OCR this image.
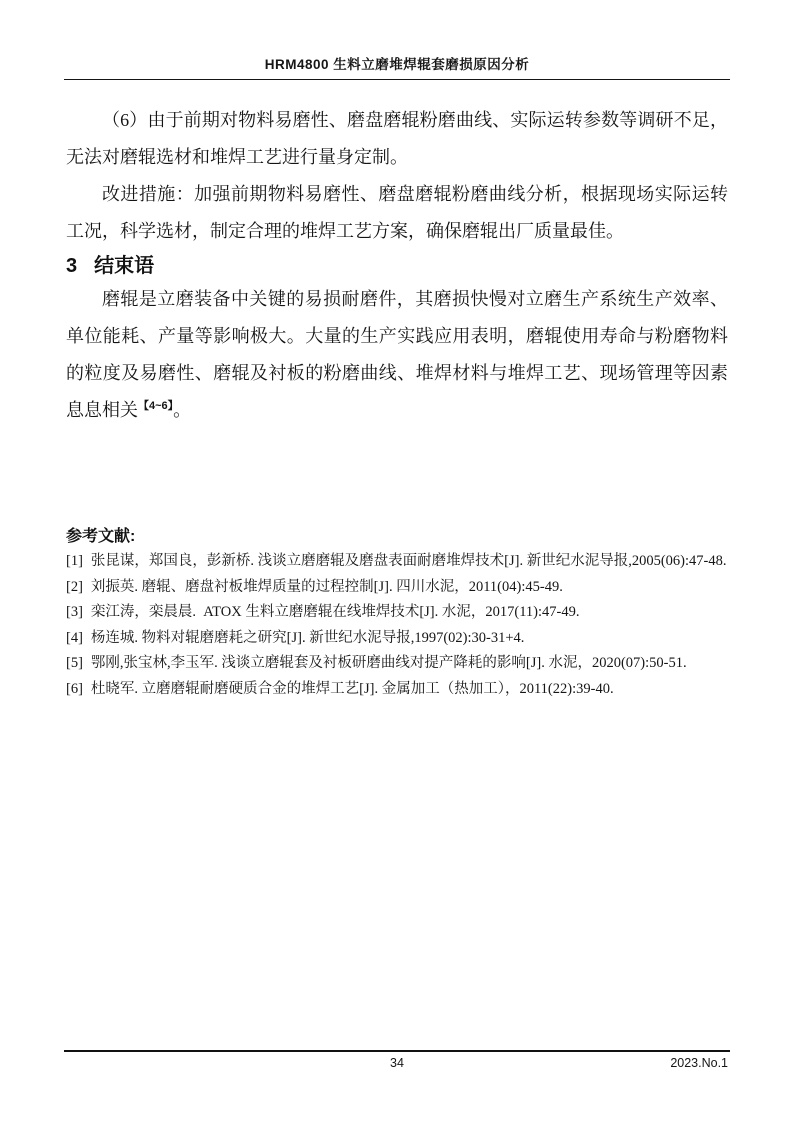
HRM4800 生料立磨堆焊辊套磨损原因分析

（6）由于前期对物料易磨性、磨盘磨辊粉磨曲线、实际运转参数等调研不足，无法对磨辊选材和堆焊工艺进行量身定制。

改进措施：加强前期物料易磨性、磨盘磨辊粉磨曲线分析，根据现场实际运转工况，科学选材，制定合理的堆焊工艺方案，确保磨辊出厂质量最佳。

3 结束语

磨辊是立磨装备中关键的易损耐磨件，其磨损快慢对立磨生产系统生产效率、单位能耗、产量等影响极大。大量的生产实践应用表明，磨辊使用寿命与粉磨物料的粒度及易磨性、磨辊及衬板的粉磨曲线、堆焊材料与堆焊工艺、现场管理等因素息息相关$^{【4\sim 6】}$。

参考文献:
[1] 张昆谋，郑国良，彭新桥. 浅谈立磨磨辊及磨盘表面耐磨堆焊技术[J]. 新世纪水泥导报,2005(06):47-48.
[2] 刘振英. 磨辊、磨盘衬板堆焊质量的过程控制[J]. 四川水泥，2011(04):45-49.
[3] 栾江涛，栾晨晨.  ATOX 生料立磨磨辊在线堆焊技术[J]. 水泥，2017(11):47-49.
[4] 杨连城. 物料对辊磨磨耗之研究[J]. 新世纪水泥导报,1997(02):30-31+4.
[5] 鄂刚,张宝林,李玉军. 浅谈立磨辊套及衬板研磨曲线对提产降耗的影响[J]. 水泥，2020(07):50-51.
[6] 杜晓军. 立磨磨辊耐磨硬质合金的堆焊工艺[J]. 金属加工（热加工），2011(22):39-40.
34	2023.No.1
